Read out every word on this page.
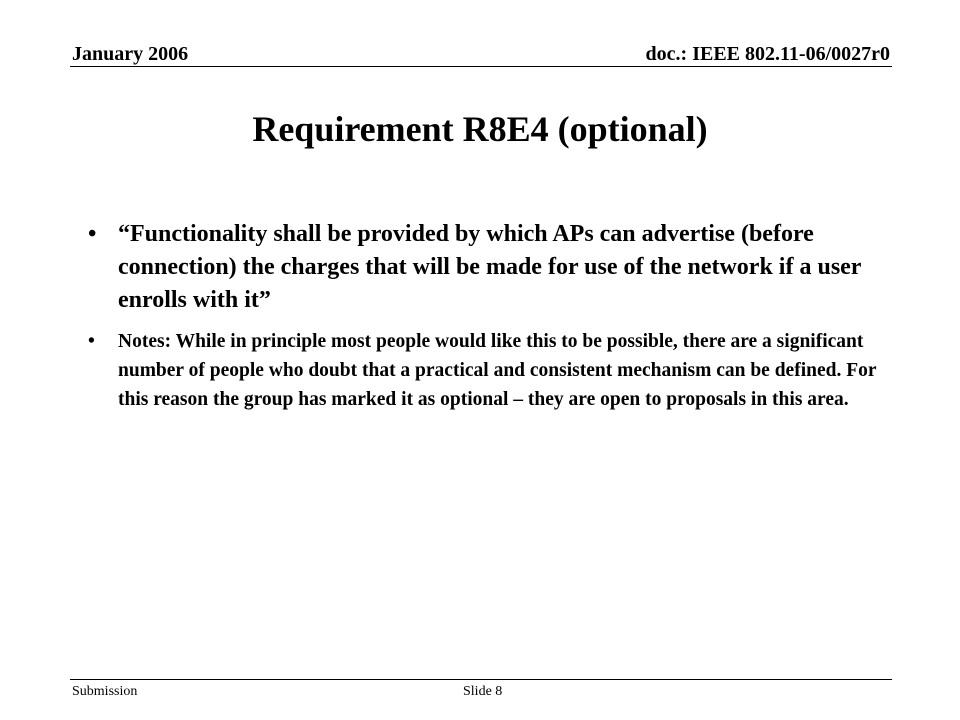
January 2006	doc.: IEEE 802.11-06/0027r0
Requirement R8E4 (optional)
• “Functionality shall be provided by which APs can advertise (before connection) the charges that will be made for use of the network if a user enrolls with it”
• Notes: While in principle most people would like this to be possible, there are a significant number of people who doubt that a practical and consistent mechanism can be defined. For this reason the group has marked it as optional – they are open to proposals in this area.
Submission	Slide 8
